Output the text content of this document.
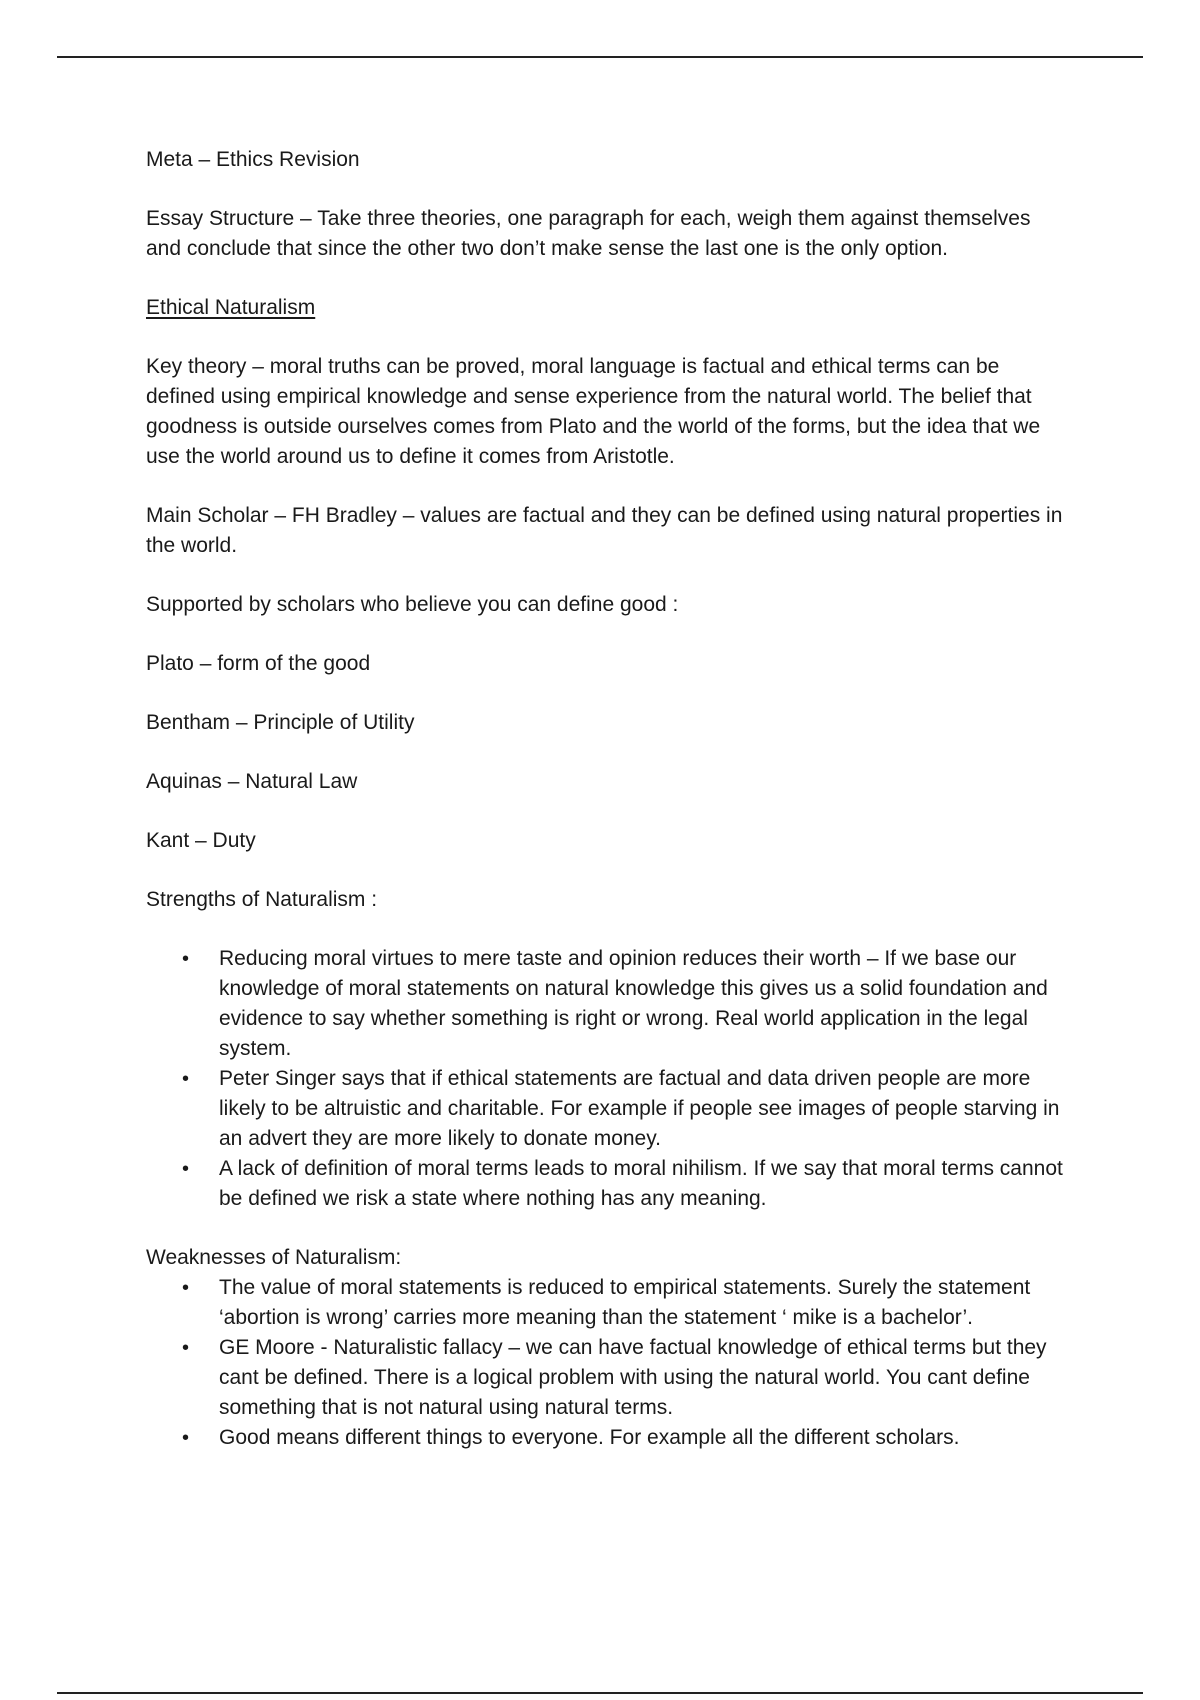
Meta – Ethics Revision

Essay Structure – Take three theories, one paragraph for each, weigh them against themselves and conclude that since the other two don’t make sense the last one is the only option.

Ethical Naturalism

Key theory – moral truths can be proved, moral language is factual and ethical terms can be defined using empirical knowledge and sense experience from the natural world. The belief that goodness is outside ourselves comes from Plato and the world of the forms, but the idea that we use the world around us to define it comes from Aristotle.

Main Scholar – FH Bradley – values are factual and they can be defined using natural properties in the world.

Supported by scholars who believe you can define good :

Plato – form of the good

Bentham – Principle of Utility

Aquinas – Natural Law

Kant – Duty

Strengths of Naturalism :

• Reducing moral virtues to mere taste and opinion reduces their worth – If we base our knowledge of moral statements on natural knowledge this gives us a solid foundation and evidence to say whether something is right or wrong. Real world application in the legal system.
• Peter Singer says that if ethical statements are factual and data driven people are more likely to be altruistic and charitable. For example if people see images of people starving in an advert they are more likely to donate money.
• A lack of definition of moral terms leads to moral nihilism. If we say that moral terms cannot be defined we risk a state where nothing has any meaning.

Weaknesses of Naturalism:

• The value of moral statements is reduced to empirical statements. Surely the statement ‘abortion is wrong’ carries more meaning than the statement ‘ mike is a bachelor’.
• GE Moore - Naturalistic fallacy – we can have factual knowledge of ethical terms but they cant be defined. There is a logical problem with using the natural world. You cant define something that is not natural using natural terms.
• Good means different things to everyone. For example all the different scholars.
